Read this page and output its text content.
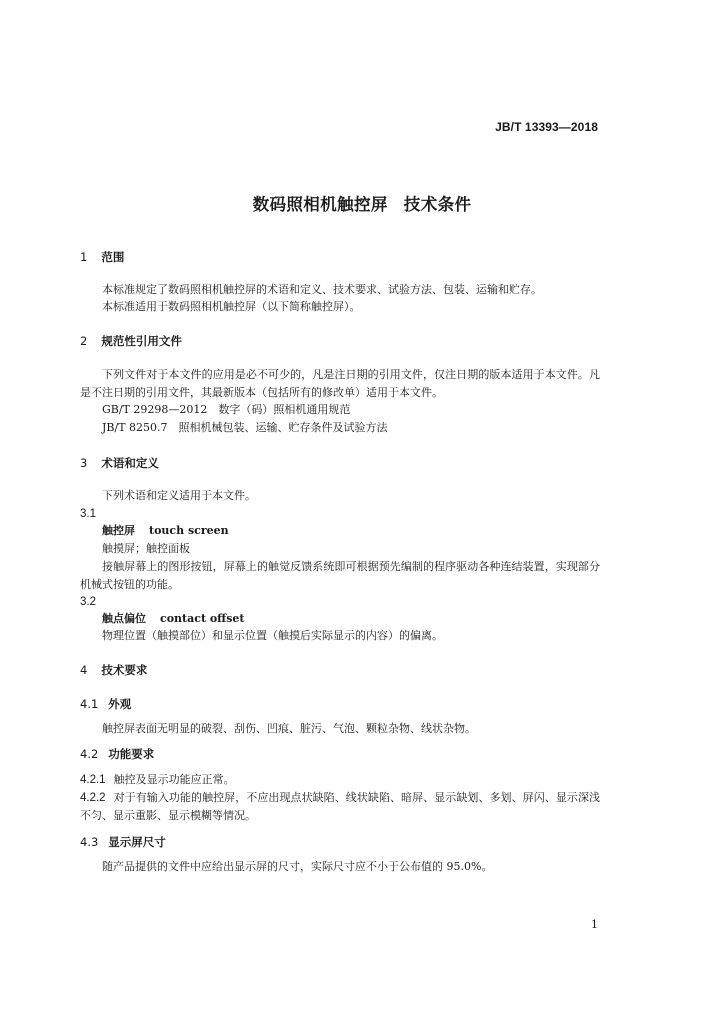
JB/T 13393—2018
数码照相机触控屏 技术条件
1 范围
本标准规定了数码照相机触控屏的术语和定义、技术要求、试验方法、包装、运输和贮存。
本标准适用于数码照相机触控屏（以下简称触控屏）。
2 规范性引用文件
下列文件对于本文件的应用是必不可少的，凡是注日期的引用文件，仅注日期的版本适用于本文件。凡是不注日期的引用文件，其最新版本（包括所有的修改单）适用于本文件。
GB/T 29298—2012　数字（码）照相机通用规范
JB/T 8250.7　照相机械包装、运输、贮存条件及试验方法
3 术语和定义
下列术语和定义适用于本文件。
3.1
触控屏 touch screen
触摸屏；触控面板
接触屏幕上的图形按钮，屏幕上的触觉反馈系统即可根据预先编制的程序驱动各种连结装置，实现部分机械式按钮的功能。
3.2
触点偏位 contact offset
物理位置（触摸部位）和显示位置（触摸后实际显示的内容）的偏离。
4 技术要求
4.1 外观
触控屏表面无明显的破裂、刮伤、凹痕、脏污、气泡、颗粒杂物、线状杂物。
4.2 功能要求
4.2.1 触控及显示功能应正常。
4.2.2 对于有输入功能的触控屏，不应出现点状缺陷、线状缺陷、暗屏、显示缺划、多划、屏闪、显示深浅不匀、显示重影、显示模糊等情况。
4.3 显示屏尺寸
随产品提供的文件中应给出显示屏的尺寸，实际尺寸应不小于公布值的 95.0%。
1
